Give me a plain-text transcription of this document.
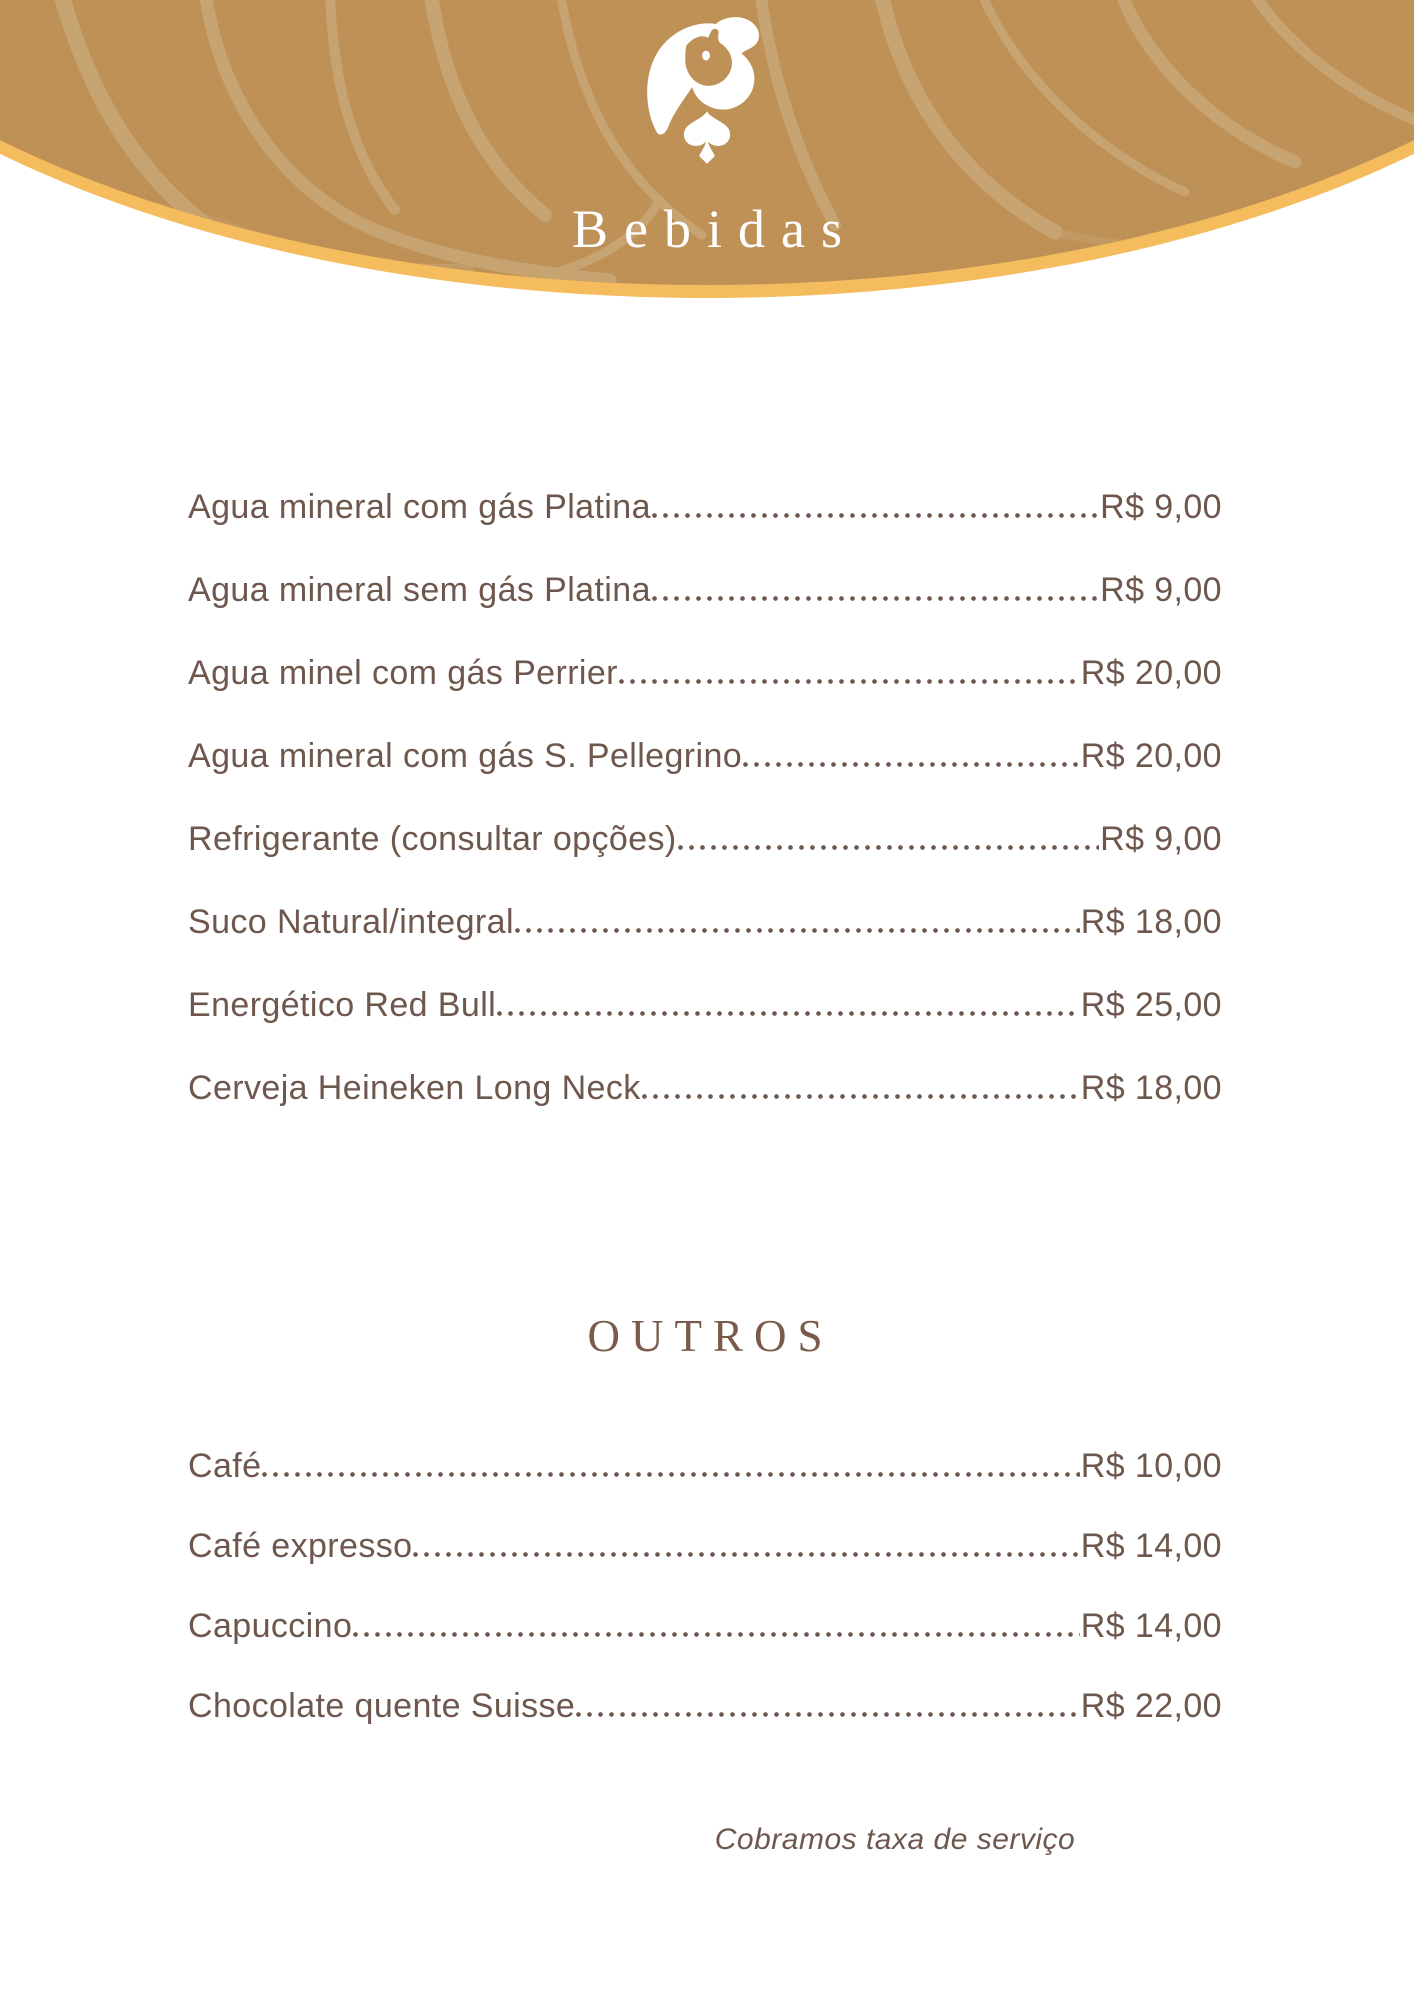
Bebidas
Agua mineral com gás Platina	R$ 9,00
Agua mineral sem gás Platina	R$ 9,00
Agua minel com gás Perrier	R$ 20,00
Agua mineral com gás S. Pellegrino	R$ 20,00
Refrigerante (consultar opções)	R$ 9,00
Suco Natural/integral	R$ 18,00
Energético Red Bull	R$ 25,00
Cerveja Heineken Long Neck	R$ 18,00
OUTROS
Café	R$ 10,00
Café expresso	R$ 14,00
Capuccino	R$ 14,00
Chocolate quente Suisse	R$ 22,00

Cobramos taxa de serviço
